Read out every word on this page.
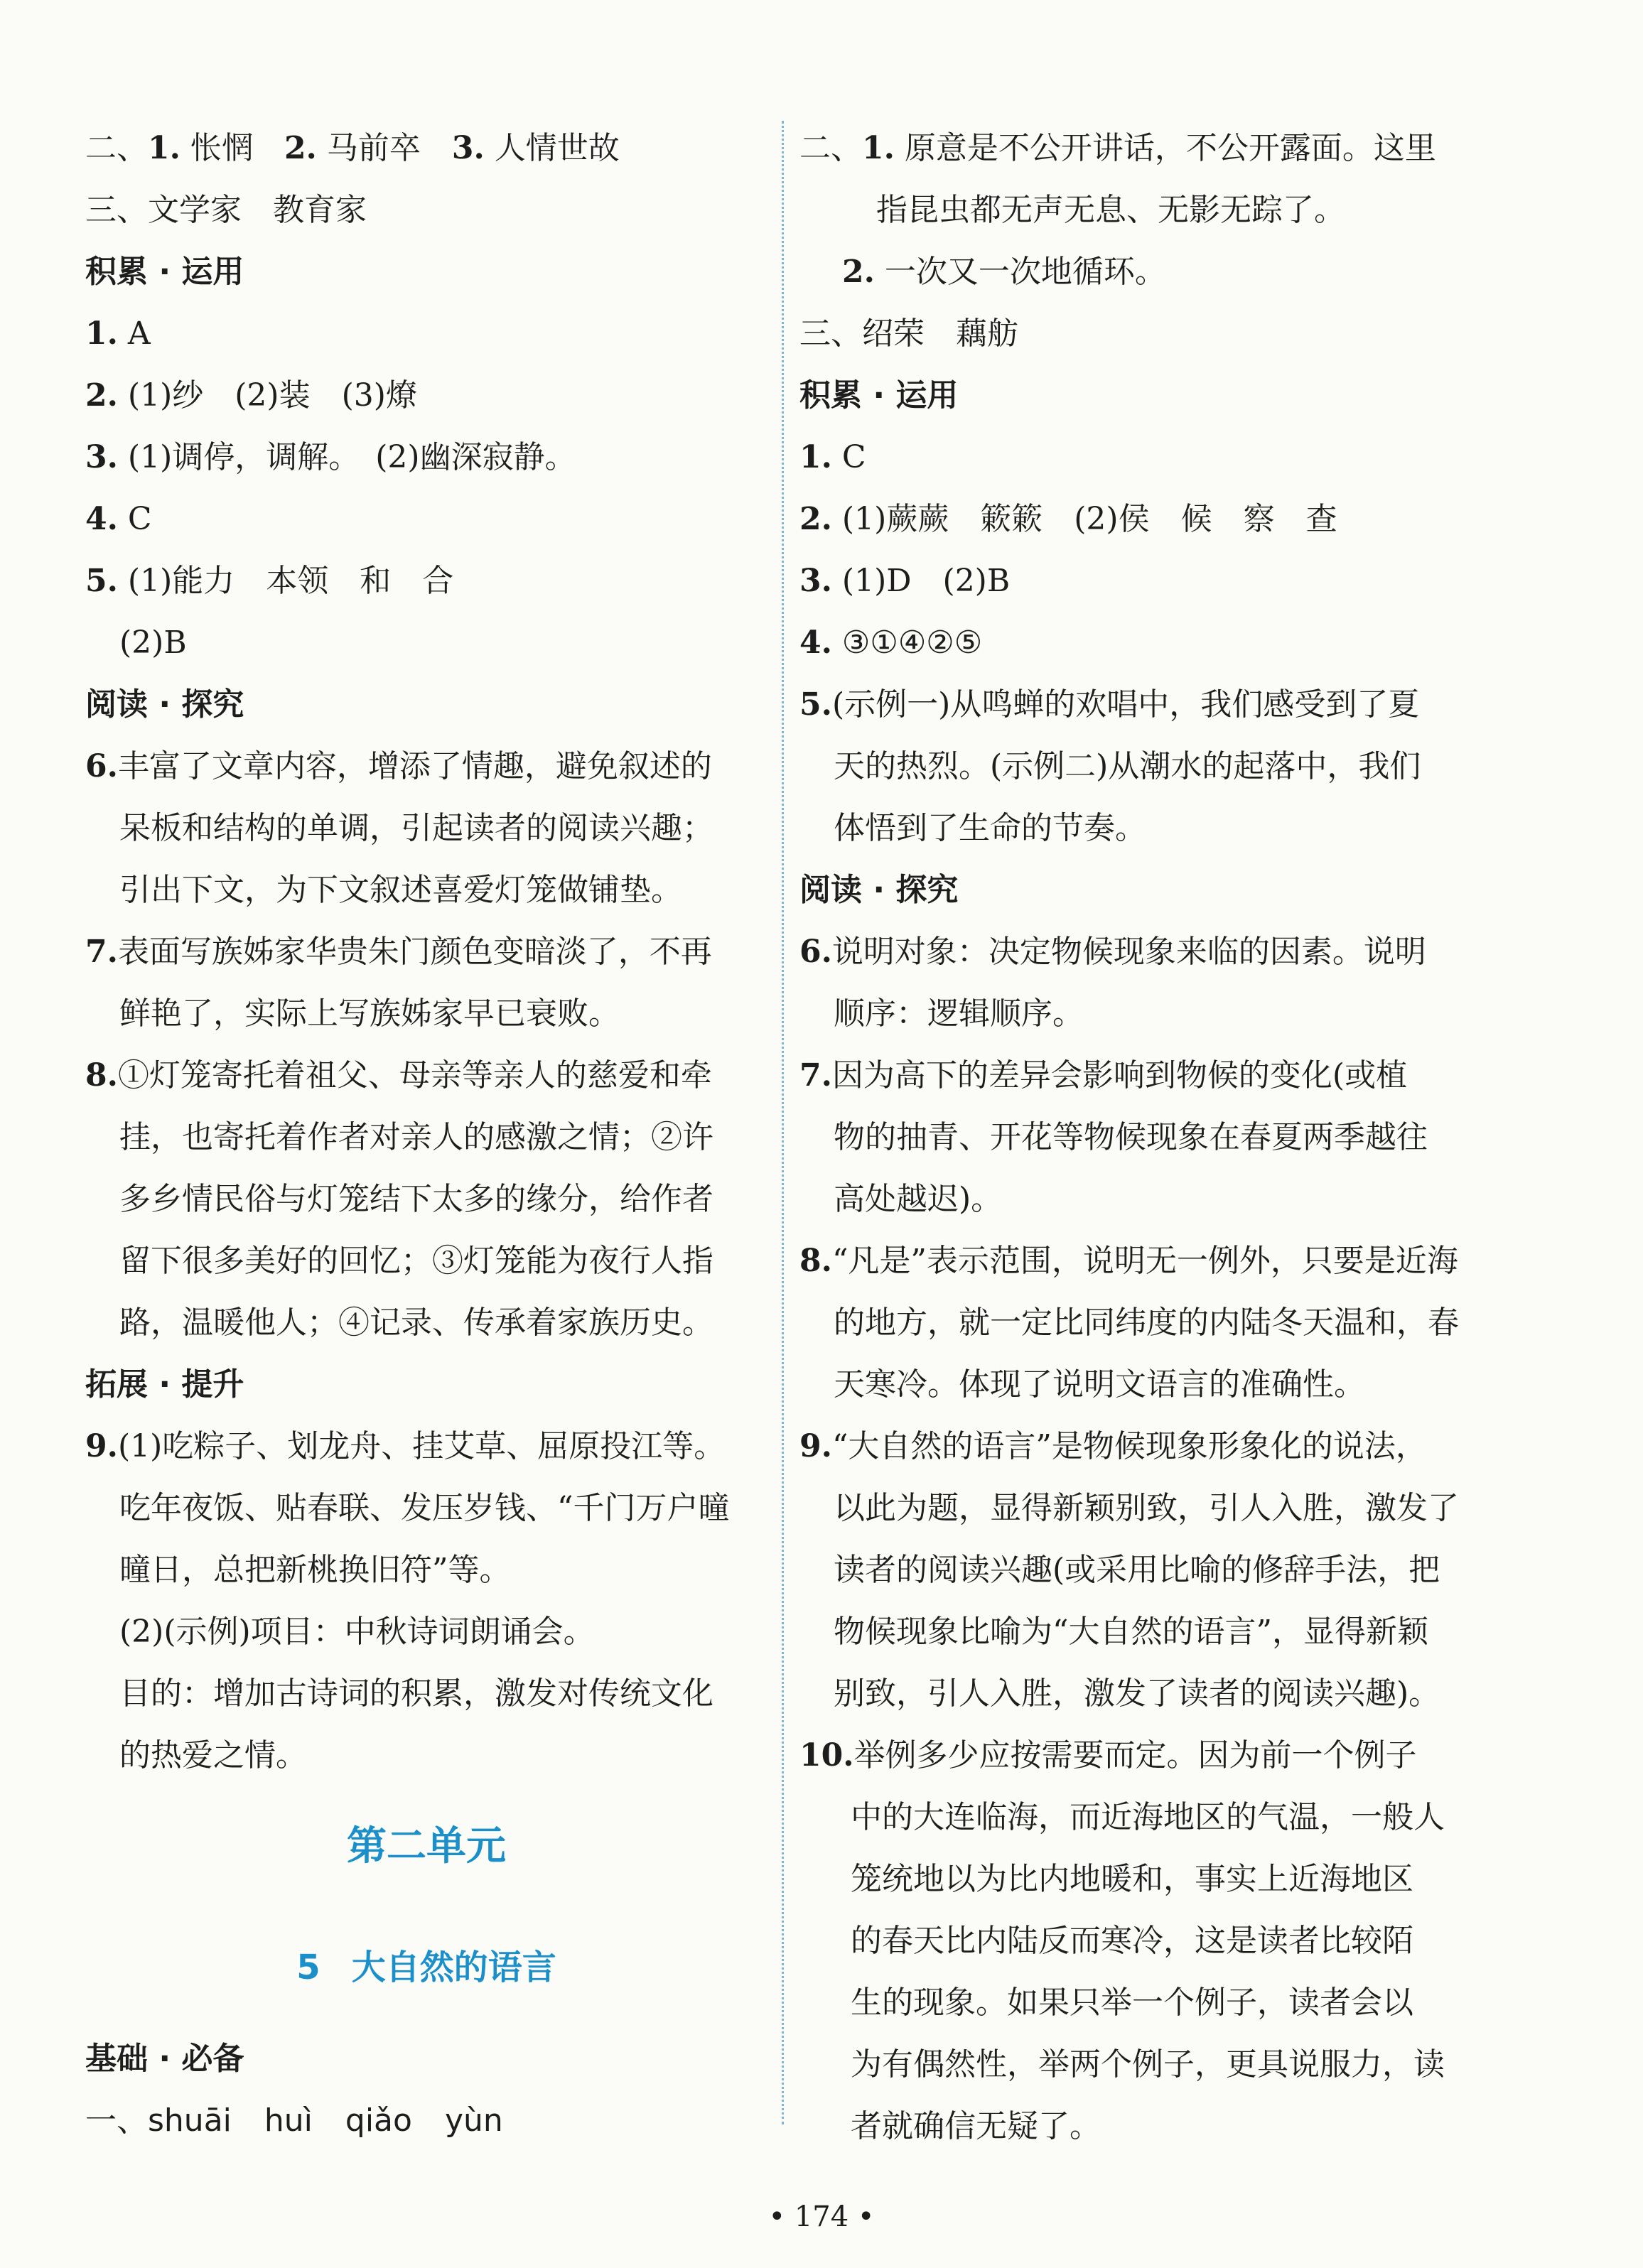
二、1. 怅惘　2. 马前卒　3. 人情世故
三、文学家　教育家
积累 · 运用
1. A
2. (1)纱　(2)装　(3)燎
3. (1)调停，调解。　(2)幽深寂静。
4. C
5. (1)能力　本领　和　合
(2)B
阅读 · 探究
6.丰富了文章内容，增添了情趣，避免叙述的
呆板和结构的单调，引起读者的阅读兴趣；
引出下文，为下文叙述喜爱灯笼做铺垫。
7.表面写族姊家华贵朱门颜色变暗淡了，不再
鲜艳了，实际上写族姊家早已衰败。
8.①灯笼寄托着祖父、母亲等亲人的慈爱和牵
挂，也寄托着作者对亲人的感激之情；②许
多乡情民俗与灯笼结下太多的缘分，给作者
留下很多美好的回忆；③灯笼能为夜行人指
路，温暖他人；④记录、传承着家族历史。
拓展 · 提升
9.(1)吃粽子、划龙舟、挂艾草、屈原投江等。
吃年夜饭、贴春联、发压岁钱、“千门万户曈
曈日，总把新桃换旧符”等。
(2)(示例)项目：中秋诗词朗诵会。
目的：增加古诗词的积累，激发对传统文化
的热爱之情。
第二单元
5 大自然的语言
基础 · 必备
一、shuāi huì qiǎo yùn
二、1. 原意是不公开讲话，不公开露面。这里
指昆虫都无声无息、无影无踪了。
2. 一次又一次地循环。
三、绍荣　藕舫
积累 · 运用
1. C
2. (1)蕨蕨　簌簌　(2)侯　候　察　查
3. (1)D　(2)B
4. ③①④②⑤
5.(示例一)从鸣蝉的欢唱中，我们感受到了夏
天的热烈。(示例二)从潮水的起落中，我们
体悟到了生命的节奏。
阅读 · 探究
6.说明对象：决定物候现象来临的因素。说明
顺序：逻辑顺序。
7.因为高下的差异会影响到物候的变化(或植
物的抽青、开花等物候现象在春夏两季越往
高处越迟)。
8.“凡是”表示范围，说明无一例外，只要是近海
的地方，就一定比同纬度的内陆冬天温和，春
天寒冷。体现了说明文语言的准确性。
9.“大自然的语言”是物候现象形象化的说法，
以此为题，显得新颖别致，引人入胜，激发了
读者的阅读兴趣(或采用比喻的修辞手法，把
物候现象比喻为“大自然的语言”，显得新颖
别致，引人入胜，激发了读者的阅读兴趣)。
10.举例多少应按需要而定。因为前一个例子
中的大连临海，而近海地区的气温，一般人
笼统地以为比内地暖和，事实上近海地区
的春天比内陆反而寒冷，这是读者比较陌
生的现象。如果只举一个例子，读者会以
为有偶然性，举两个例子，更具说服力，读
者就确信无疑了。
• 174 •
